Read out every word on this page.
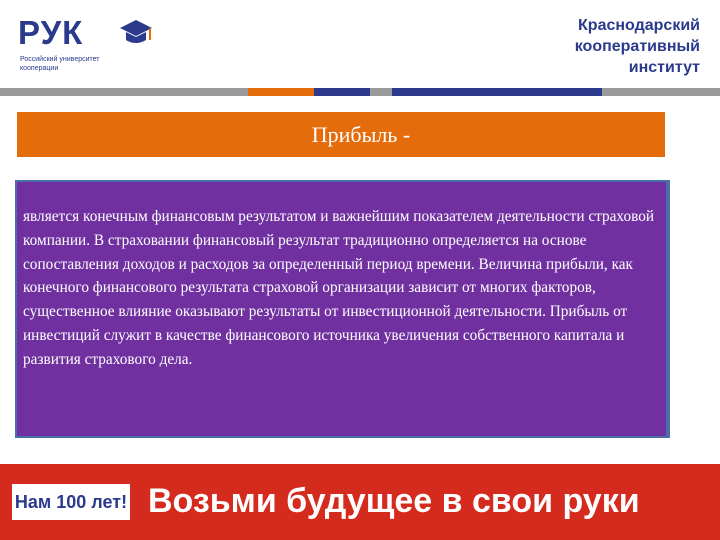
РУК
Российский университет кооперации
Краснодарский
кооперативный
институт
Прибыль -
является конечным финансовым результатом и важнейшим показателем деятельности страховой компании. В страховании финансовый результат традиционно определяется на основе сопоставления доходов и расходов за определенный период времени. Величина прибыли, как конечного финансового результата страховой организации зависит от многих факторов, существенное влияние оказывают результаты от инвестиционной деятельности. Прибыль от инвестиций служит в качестве финансового источника увеличения собственного капитала и развития страхового дела.
Нам 100 лет! Возьми будущее в свои руки
